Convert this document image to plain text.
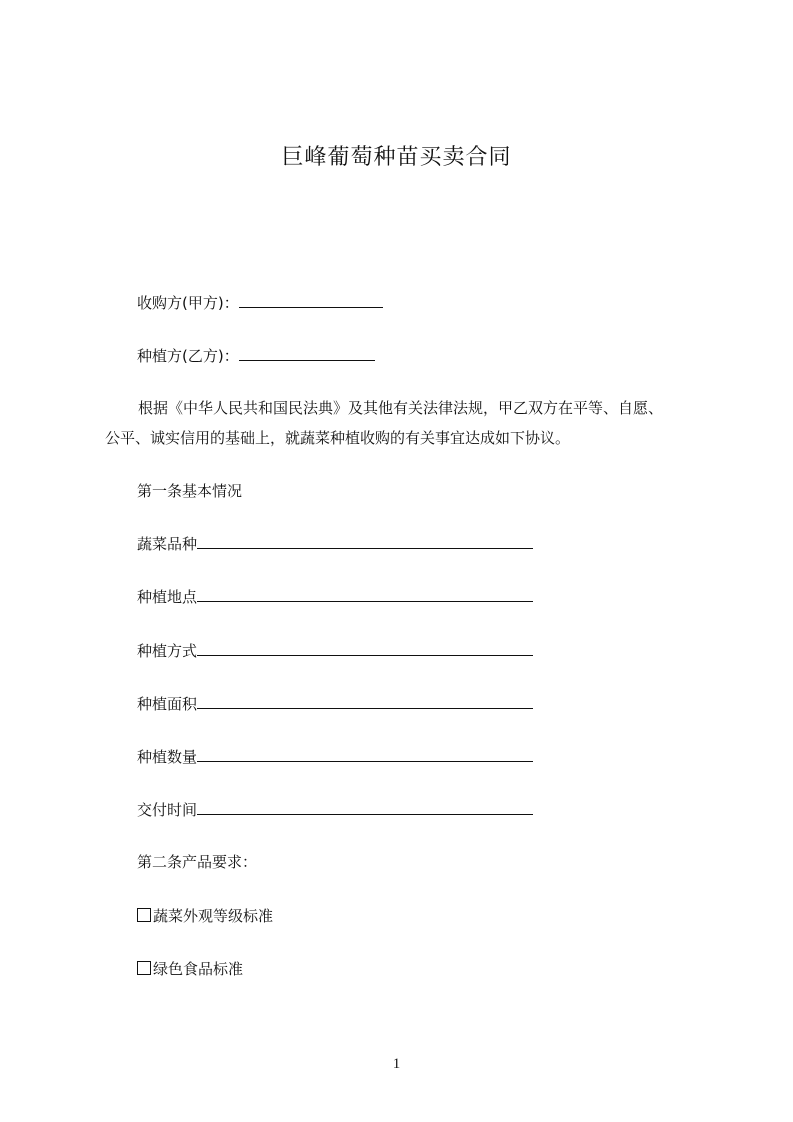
巨峰葡萄种苗买卖合同
收购方(甲方)：
种植方(乙方)：
根据《中华人民共和国民法典》及其他有关法律法规，甲乙双方在平等、自愿、
公平、诚实信用的基础上，就蔬菜种植收购的有关事宜达成如下协议。
第一条基本情况
蔬菜品种
种植地点
种植方式
种植面积
种植数量
交付时间
第二条产品要求：
蔬菜外观等级标准
绿色食品标准
1
